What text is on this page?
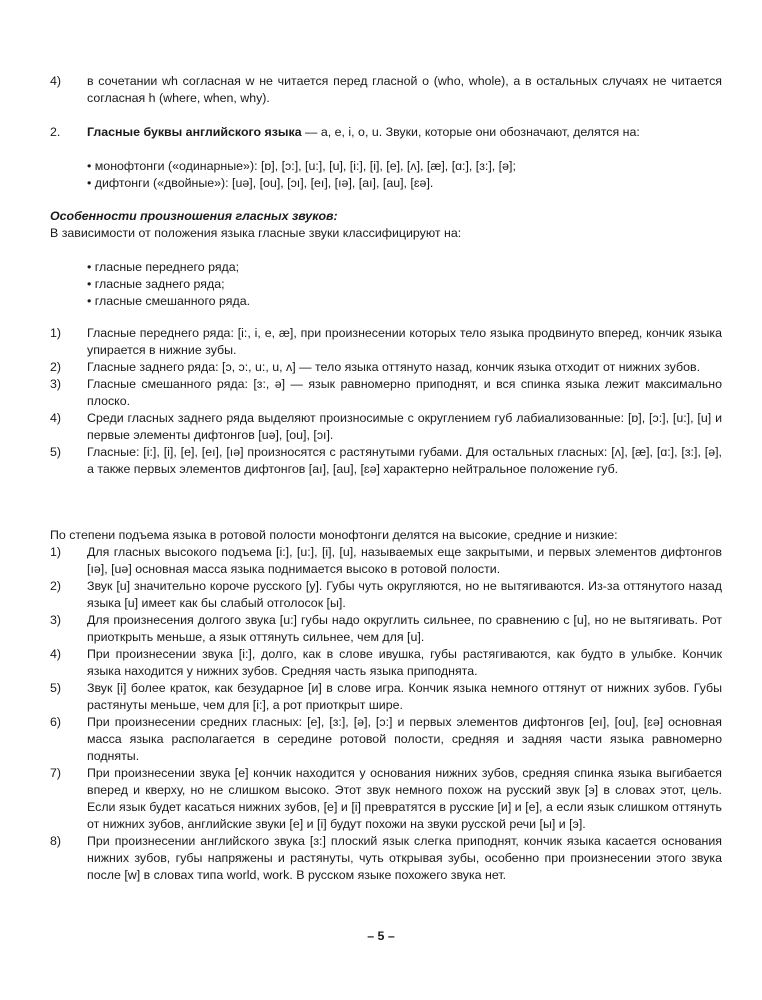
4)	в сочетании wh согласная w не читается перед гласной о (who, whole), а в остальных случаях не читается согласная h (where, when, why).
2.	Гласные буквы английского языка — a, e, i, o, u. Звуки, которые они обозначают, делятся на:
• монофтонги («одинарные»): [ɒ], [ɔ:], [u:], [u], [i:], [i], [e], [ʌ], [æ], [ɑ:], [ɜ:], [ə];
• дифтонги («двойные»): [uə], [ou], [ɔı], [eı], [ıə], [aı], [au], [ɛə].
Особенности произношения гласных звуков:
В зависимости от положения языка гласные звуки классифицируют на:
• гласные переднего ряда;
• гласные заднего ряда;
• гласные смешанного ряда.
1)	Гласные переднего ряда: [i:, i, e, æ], при произнесении которых тело языка продвинуто вперед, кончик языка упирается в нижние зубы.
2)	Гласные заднего ряда: [ɔ, ɔ:, u:, u, ʌ] — тело языка оттянуто назад, кончик языка отходит от нижних зубов.
3)	Гласные смешанного ряда: [ɜ:, ə] — язык равномерно приподнят, и вся спинка языка лежит максимально плоско.
4)	Среди гласных заднего ряда выделяют произносимые с округлением губ лабиализованные: [ɒ], [ɔ:], [u:], [u] и первые элементы дифтонгов [uə], [ou], [ɔı].
5)	Гласные: [i:], [i], [e], [eı], [ıə] произносятся с растянутыми губами. Для остальных гласных: [ʌ], [æ], [ɑ:], [ɜ:], [ə], а также первых элементов дифтонгов [aı], [au], [ɛə] характерно нейтральное положение губ.
По степени подъема языка в ротовой полости монофтонги делятся на высокие, средние и низкие:
1)	Для гласных высокого подъема [i:], [u:], [i], [u], называемых еще закрытыми, и первых элементов дифтонгов [ıə], [uə] основная масса языка поднимается высоко в ротовой полости.
2)	Звук [u] значительно короче русского [у]. Губы чуть округляются, но не вытягиваются. Из-за оттянутого назад языка [u] имеет как бы слабый отголосок [ы].
3)	Для произнесения долгого звука [u:] губы надо округлить сильнее, по сравнению с [u], но не вытягивать. Рот приоткрыть меньше, а язык оттянуть сильнее, чем для [u].
4)	При произнесении звука [i:], долго, как в слове ивушка, губы растягиваются, как будто в улыбке. Кончик языка находится у нижних зубов. Средняя часть языка приподнята.
5)	Звук [i] более краток, как безударное [и] в слове игра. Кончик языка немного оттянут от нижних зубов. Губы растянуты меньше, чем для [i:], а рот приоткрыт шире.
6)	При произнесении средних гласных: [e], [ɜ:], [ə], [ɔ:] и первых элементов дифтонгов [eı], [ou], [ɛə] основная масса языка располагается в середине ротовой полости, средняя и задняя части языка равномерно подняты.
7)	При произнесении звука [e] кончик находится у основания нижних зубов, средняя спинка языка выгибается вперед и кверху, но не слишком высоко. Этот звук немного похож на русский звук [э] в словах этот, цель. Если язык будет касаться нижних зубов, [e] и [i] превратятся в русские [и] и [е], а если язык слишком оттянуть от нижних зубов, английские звуки [e] и [i] будут похожи на звуки русской речи [ы] и [э].
8)	При произнесении английского звука [ɜ:] плоский язык слегка приподнят, кончик языка касается основания нижних зубов, губы напряжены и растянуты, чуть открывая зубы, особенно при произнесении этого звука после [w] в словах типа world, work. В русском языке похожего звука нет.
– 5 –
